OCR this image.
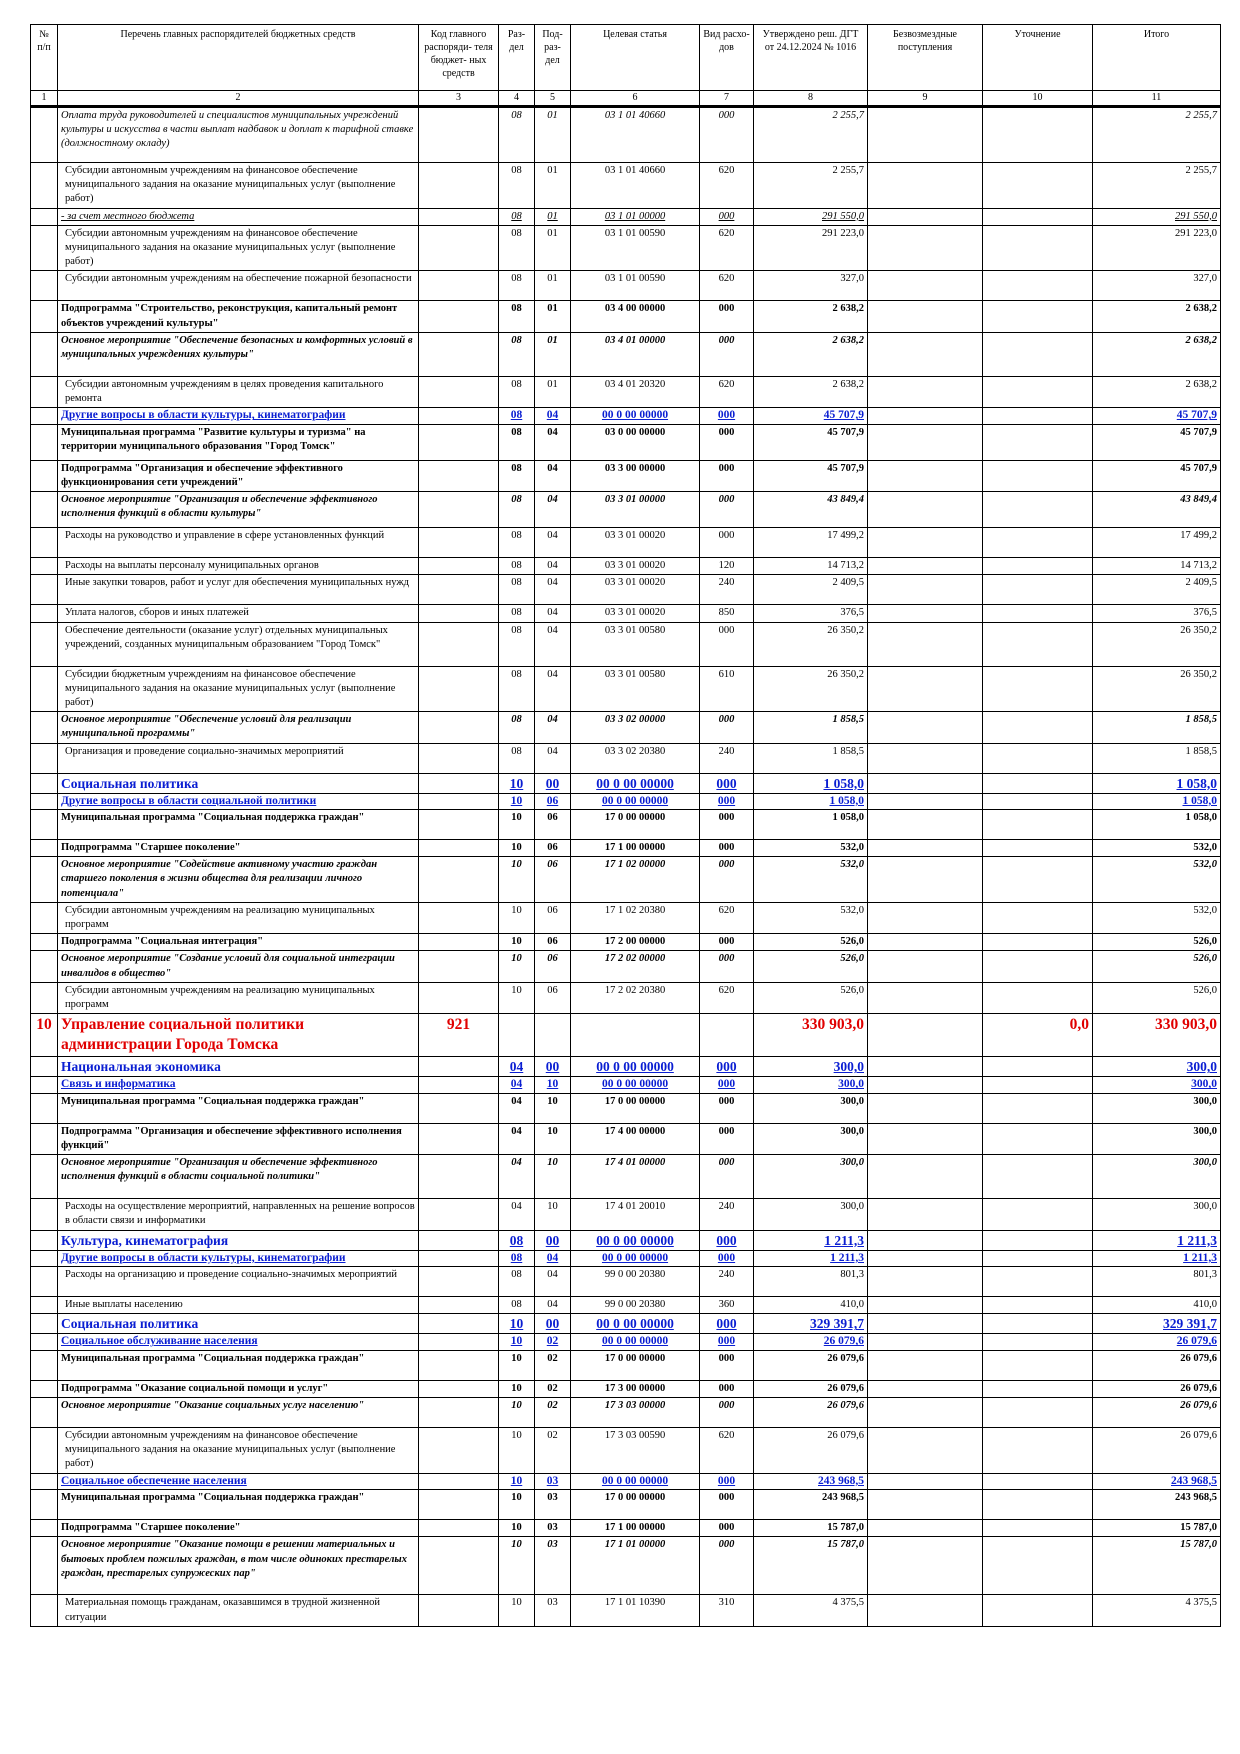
№ п/п	Перечень главных распорядителей бюджетных средств	Код главного распоряди- теля бюджет- ных средств	Раз- дел	Под- раз- дел	Целевая статья	Вид расхо- дов	Утверждено реш. ДГТ от 24.12.2024 № 1016	Безвозмездные поступления	Уточнение	Итого
1	2	3	4	5	6	7	8	9	10	11
	Оплата труда руководителей и специалистов муниципальных учреждений культуры и искусства в части выплат надбавок и доплат к тарифной ставке (должностному окладу)		08	01	03 1 01 40660	000	2 255,7			2 255,7
	Субсидии автономным учреждениям на финансовое обеспечение муниципального задания на оказание муниципальных услуг (выполнение работ)		08	01	03 1 01 40660	620	2 255,7			2 255,7
	- за счет местного бюджета		08	01	03 1 01 00000	000	291 550,0			291 550,0
	Субсидии автономным учреждениям на финансовое обеспечение муниципального задания на оказание муниципальных услуг (выполнение работ)		08	01	03 1 01 00590	620	291 223,0			291 223,0
	Субсидии автономным учреждениям на обеспечение пожарной безопасности		08	01	03 1 01 00590	620	327,0			327,0
	Подпрограмма "Строительство, реконструкция, капитальный ремонт объектов учреждений культуры"		08	01	03 4 00 00000	000	2 638,2			2 638,2
	Основное мероприятие "Обеспечение безопасных и комфортных условий в муниципальных учреждениях культуры"		08	01	03 4 01 00000	000	2 638,2			2 638,2
	Субсидии автономным учреждениям в целях проведения капитального ремонта		08	01	03 4 01 20320	620	2 638,2			2 638,2
	Другие вопросы в области культуры, кинематографии		08	04	00 0 00 00000	000	45 707,9			45 707,9
	Муниципальная программа "Развитие культуры и туризма" на территории муниципального образования "Город Томск"		08	04	03 0 00 00000	000	45 707,9			45 707,9
	Подпрограмма "Организация и обеспечение эффективного функционирования сети учреждений"		08	04	03 3 00 00000	000	45 707,9			45 707,9
	Основное мероприятие "Организация и обеспечение эффективного исполнения функций в области культуры"		08	04	03 3 01 00000	000	43 849,4			43 849,4
	Расходы на руководство и управление в сфере установленных функций		08	04	03 3 01 00020	000	17 499,2			17 499,2
	Расходы на выплаты персоналу муниципальных органов		08	04	03 3 01 00020	120	14 713,2			14 713,2
	Иные закупки товаров, работ и услуг для обеспечения муниципальных нужд		08	04	03 3 01 00020	240	2 409,5			2 409,5
	Уплата налогов, сборов и иных платежей		08	04	03 3 01 00020	850	376,5			376,5
	Обеспечение деятельности (оказание услуг) отдельных муниципальных учреждений, созданных муниципальным образованием "Город Томск"		08	04	03 3 01 00580	000	26 350,2			26 350,2
	Субсидии бюджетным учреждениям на финансовое обеспечение муниципального задания на оказание муниципальных услуг (выполнение работ)		08	04	03 3 01 00580	610	26 350,2			26 350,2
	Основное мероприятие "Обеспечение условий для реализации муниципальной программы"		08	04	03 3 02 00000	000	1 858,5			1 858,5
	Организация и проведение социально-значимых мероприятий		08	04	03 3 02 20380	240	1 858,5			1 858,5
	Социальная политика		10	00	00 0 00 00000	000	1 058,0			1 058,0
	Другие вопросы в области социальной политики		10	06	00 0 00 00000	000	1 058,0			1 058,0
	Муниципальная программа "Социальная поддержка граждан"		10	06	17 0 00 00000	000	1 058,0			1 058,0
	Подпрограмма "Старшее поколение"		10	06	17 1 00 00000	000	532,0			532,0
	Основное мероприятие "Содействие активному участию граждан старшего поколения в жизни общества для реализации личного потенциала"		10	06	17 1 02 00000	000	532,0			532,0
	Субсидии автономным учреждениям на реализацию муниципальных программ		10	06	17 1 02 20380	620	532,0			532,0
	Подпрограмма "Социальная интеграция"		10	06	17 2 00 00000	000	526,0			526,0
	Основное мероприятие "Создание условий для социальной интеграции инвалидов в общество"		10	06	17 2 02 00000	000	526,0			526,0
	Субсидии автономным учреждениям на реализацию муниципальных программ		10	06	17 2 02 20380	620	526,0			526,0
10	Управление социальной политики администрации Города Томска	921					330 903,0		0,0	330 903,0
	Национальная экономика		04	00	00 0 00 00000	000	300,0			300,0
	Связь и информатика		04	10	00 0 00 00000	000	300,0			300,0
	Муниципальная программа "Социальная поддержка граждан"		04	10	17 0 00 00000	000	300,0			300,0
	Подпрограмма "Организация и обеспечение эффективного исполнения функций"		04	10	17 4 00 00000	000	300,0			300,0
	Основное мероприятие "Организация и обеспечение эффективного исполнения функций в области социальной политики"		04	10	17 4 01 00000	000	300,0			300,0
	Расходы на осуществление мероприятий, направленных на решение вопросов в области связи и информатики		04	10	17 4 01 20010	240	300,0			300,0
	Культура, кинематография		08	00	00 0 00 00000	000	1 211,3			1 211,3
	Другие вопросы в области культуры, кинематографии		08	04	00 0 00 00000	000	1 211,3			1 211,3
	Расходы на организацию и проведение социально-значимых мероприятий		08	04	99 0 00 20380	240	801,3			801,3
	Иные выплаты населению		08	04	99 0 00 20380	360	410,0			410,0
	Социальная политика		10	00	00 0 00 00000	000	329 391,7			329 391,7
	Социальное обслуживание населения		10	02	00 0 00 00000	000	26 079,6			26 079,6
	Муниципальная программа "Социальная поддержка граждан"		10	02	17 0 00 00000	000	26 079,6			26 079,6
	Подпрограмма "Оказание социальной помощи и услуг"		10	02	17 3 00 00000	000	26 079,6			26 079,6
	Основное мероприятие "Оказание социальных услуг населению"		10	02	17 3 03 00000	000	26 079,6			26 079,6
	Субсидии автономным учреждениям на финансовое обеспечение муниципального задания на оказание муниципальных услуг (выполнение работ)		10	02	17 3 03 00590	620	26 079,6			26 079,6
	Социальное обеспечение населения		10	03	00 0 00 00000	000	243 968,5			243 968,5
	Муниципальная программа "Социальная поддержка граждан"		10	03	17 0 00 00000	000	243 968,5			243 968,5
	Подпрограмма "Старшее поколение"		10	03	17 1 00 00000	000	15 787,0			15 787,0
	Основное мероприятие "Оказание помощи в решении материальных и бытовых проблем пожилых граждан, в том числе одиноких престарелых граждан, престарелых супружеских пар"		10	03	17 1 01 00000	000	15 787,0			15 787,0
	Материальная помощь гражданам, оказавшимся в трудной жизненной ситуации		10	03	17 1 01 10390	310	4 375,5			4 375,5
